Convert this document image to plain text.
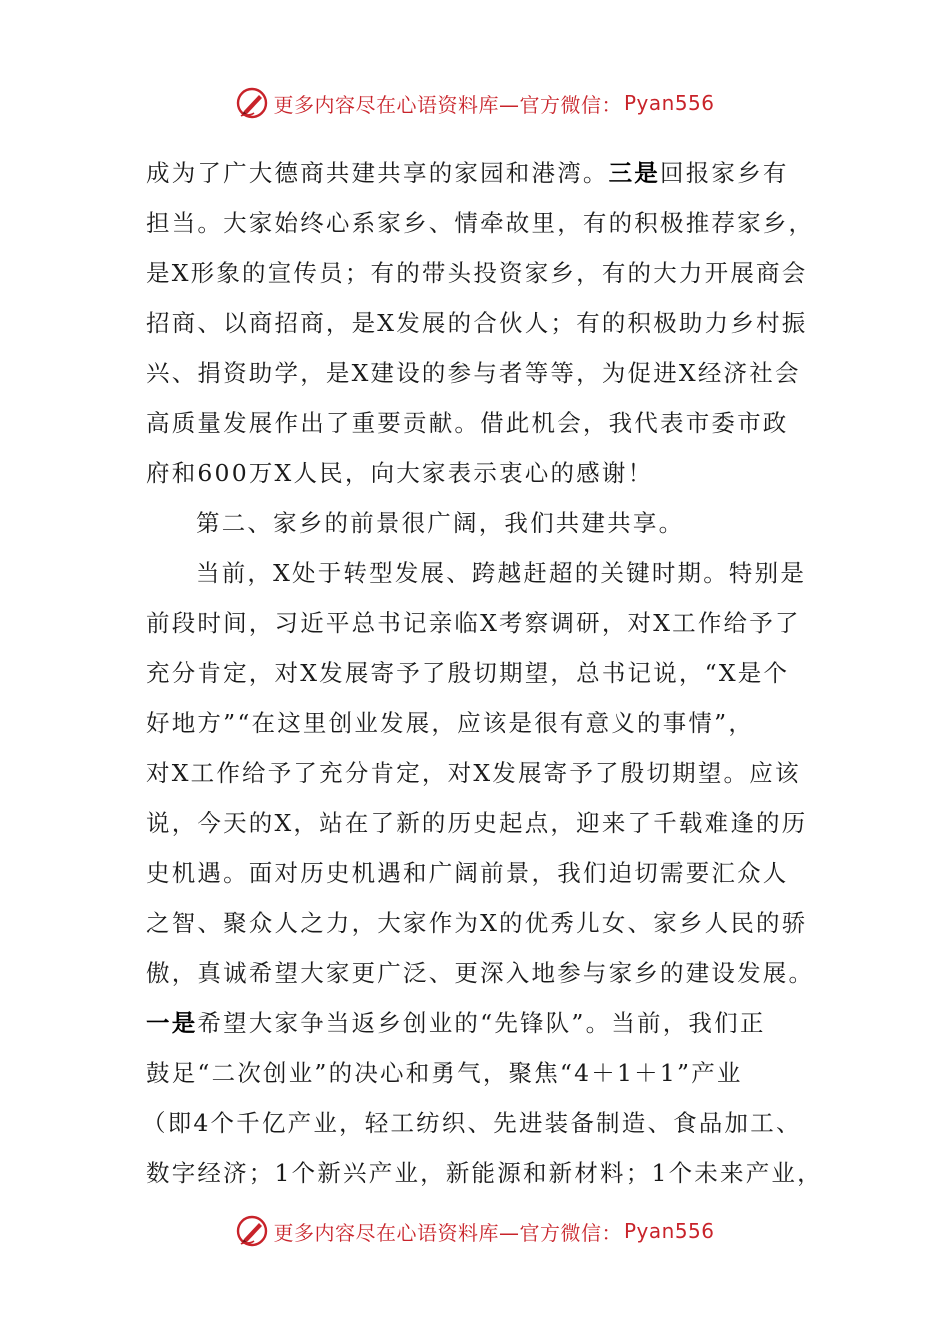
更多内容尽在心语资料库—官方微信： Pyan556
成为了广大德商共建共享的家园和港湾。三是回报家乡有
担当。大家始终心系家乡、情牵故里，有的积极推荐家乡，
是X形象的宣传员；有的带头投资家乡，有的大力开展商会
招商、以商招商，是X发展的合伙人；有的积极助力乡村振
兴、捐资助学，是X建设的参与者等等，为促进X经济社会
高质量发展作出了重要贡献。借此机会，我代表市委市政
府和600万X人民，向大家表示衷心的感谢！
第二、家乡的前景很广阔，我们共建共享。
当前，X处于转型发展、跨越赶超的关键时期。特别是
前段时间，习近平总书记亲临X考察调研，对X工作给予了
充分肯定，对X发展寄予了殷切期望，总书记说，“X是个
好地方”“在这里创业发展，应该是很有意义的事情”，
对X工作给予了充分肯定，对X发展寄予了殷切期望。应该
说，今天的X，站在了新的历史起点，迎来了千载难逢的历
史机遇。面对历史机遇和广阔前景，我们迫切需要汇众人
之智、聚众人之力，大家作为X的优秀儿女、家乡人民的骄
傲，真诚希望大家更广泛、更深入地参与家乡的建设发展。
一是希望大家争当返乡创业的“先锋队”。当前，我们正
鼓足“二次创业”的决心和勇气，聚焦“4＋1＋1”产业
（即4个千亿产业，轻工纺织、先进装备制造、食品加工、
数字经济；1个新兴产业，新能源和新材料；1个未来产业，
更多内容尽在心语资料库—官方微信： Pyan556
